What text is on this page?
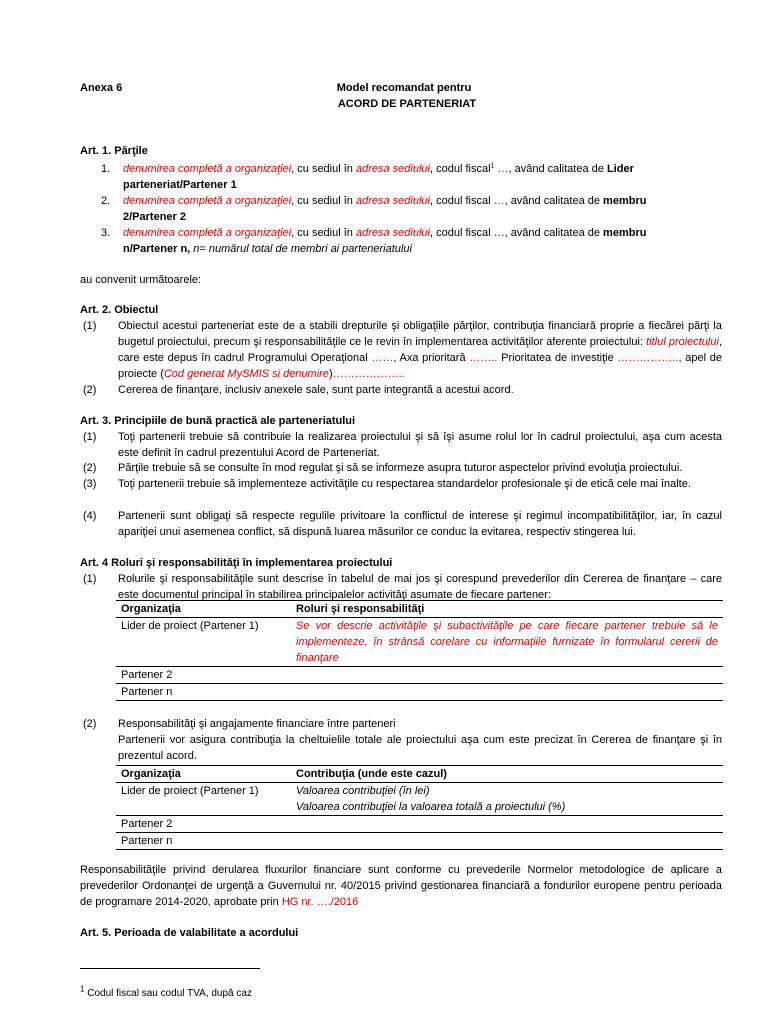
Anexa 6	Model recomandat pentru
ACORD DE PARTENERIAT
Art. 1. Părţile
1. denumirea completă a organizaţiei, cu sediul în adresa sediului, codul fiscal$^1$ …, având calitatea de Lider
parteneriat/Partener 1
2. denumirea completă a organizaţiei, cu sediul în adresa sediului, codul fiscal …, având calitatea de membru
2/Partener 2
3. denumirea completă a organizaţiei, cu sediul în adresa sediului, codul fiscal …, având calitatea de membru
n/Partener n, n= numărul total de membri ai parteneriatului
au convenit următoarele:
Art. 2. Obiectul
(1) Obiectul acestui parteneriat este de a stabili drepturile şi obligaţiile părţilor, contribuţia financiară proprie a fiecărei părţi la bugetul proiectului, precum şi responsabilităţile ce le revin în implementarea activităţilor aferente proiectului: titlul proiectului, care este depus în cadrul Programului Operaţional ……, Axa prioritară …….. Prioritatea de investiţie …………….., apel de proiecte (Cod generat MySMIS si denumire)………………..
(2) Cererea de finanţare, inclusiv anexele sale, sunt parte integrantă a acestui acord.
Art. 3. Principiile de bună practică ale parteneriatului
(1) Toţi partenerii trebuie să contribuie la realizarea proiectului şi să îşi asume rolul lor în cadrul proiectului, aşa cum acesta este definit în cadrul prezentului Acord de Parteneriat.
(2) Părţile trebuie să se consulte în mod regulat şi să se informeze asupra tuturor aspectelor privind evoluţia proiectului.
(3) Toţi partenerii trebuie să implementeze activităţile cu respectarea standardelor profesionale şi de etică cele mai înalte.
(4) Partenerii sunt obligaţi să respecte regulile privitoare la conflictul de interese şi regimul incompatibilităţilor, iar, în cazul apariţiei unui asemenea conflict, să dispună luarea măsurilor ce conduc la evitarea, respectiv stingerea lui.
Art. 4 Roluri şi responsabilităţi în implementarea proiectului
(1) Rolurile şi responsabilităţile sunt descrise în tabelul de mai jos şi corespund prevederilor din Cererea de finanţare – care este documentul principal în stabilirea principalelor activităţi asumate de fiecare partener:
Organizaţia	Roluri şi responsabilităţi
Lider de proiect (Partener 1)	Se vor descrie activităţile şi subactivităţile pe care fiecare partener trebuie să le implementeze, în strânsă corelare cu informaţiile furnizate în formularul cererii de finanţare
Partener 2	
Partener n	
(2) Responsabilităţi şi angajamente financiare între parteneri
Partenerii vor asigura contribuţia la cheltuielile totale ale proiectului aşa cum este precizat în Cererea de finanţare şi în prezentul acord.
Organizaţia	Contribuţia (unde este cazul)
Lider de proiect (Partener 1)	Valoarea contribuţiei (în lei)
Valoarea contribuţiei la valoarea totală a proiectului (%)
Partener 2	
Partener n	
Responsabilităţile privind derularea fluxurilor financiare sunt conforme cu prevederile Normelor metodologice de aplicare a prevederilor Ordonanţei de urgenţă a Guvernului nr. 40/2015 privind gestionarea financiară a fondurilor europene pentru perioada de programare 2014-2020, aprobate prin HG nr. …./2016
Art. 5. Perioada de valabilitate a acordului
$^1$ Codul fiscal sau codul TVA, după caz
